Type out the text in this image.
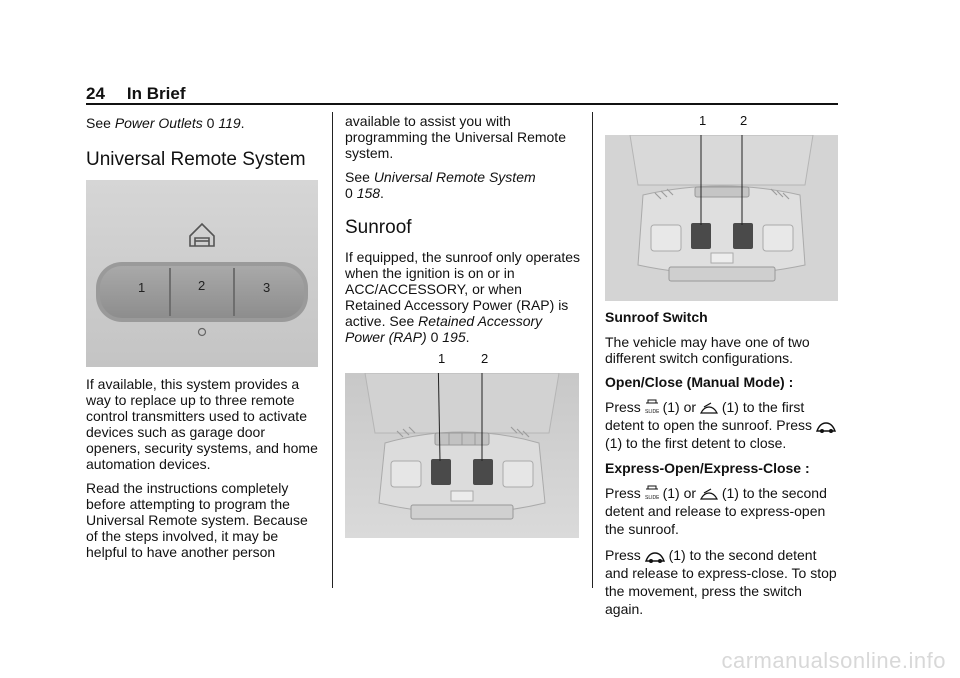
24 In Brief

See Power Outlets 0 119.

Universal Remote System
1	2	3

If available, this system provides a way to replace up to three remote control transmitters used to activate devices such as garage door openers, security systems, and home automation devices.

Read the instructions completely before attempting to program the Universal Remote system. Because of the steps involved, it may be helpful to have another person

available to assist you with programming the Universal Remote system.

See Universal Remote System
0 158.

Sunroof

If equipped, the sunroof only operates when the ignition is on or in ACC/ACCESSORY, or when Retained Accessory Power (RAP) is active. See Retained Accessory Power (RAP) 0 195.

1	2
1	2

Sunroof Switch

The vehicle may have one of two different switch configurations.

Open/Close (Manual Mode) :

Press SLIDE (1) or (1) to the first detent to open the sunroof. Press  (1) to the first detent to close.

Express-Open/Express-Close :

Press SLIDE (1) or (1) to the second detent and release to express-open the sunroof.

Press (1) to the second detent and release to express-close. To stop the movement, press the switch again.

carmanualsonline.info
